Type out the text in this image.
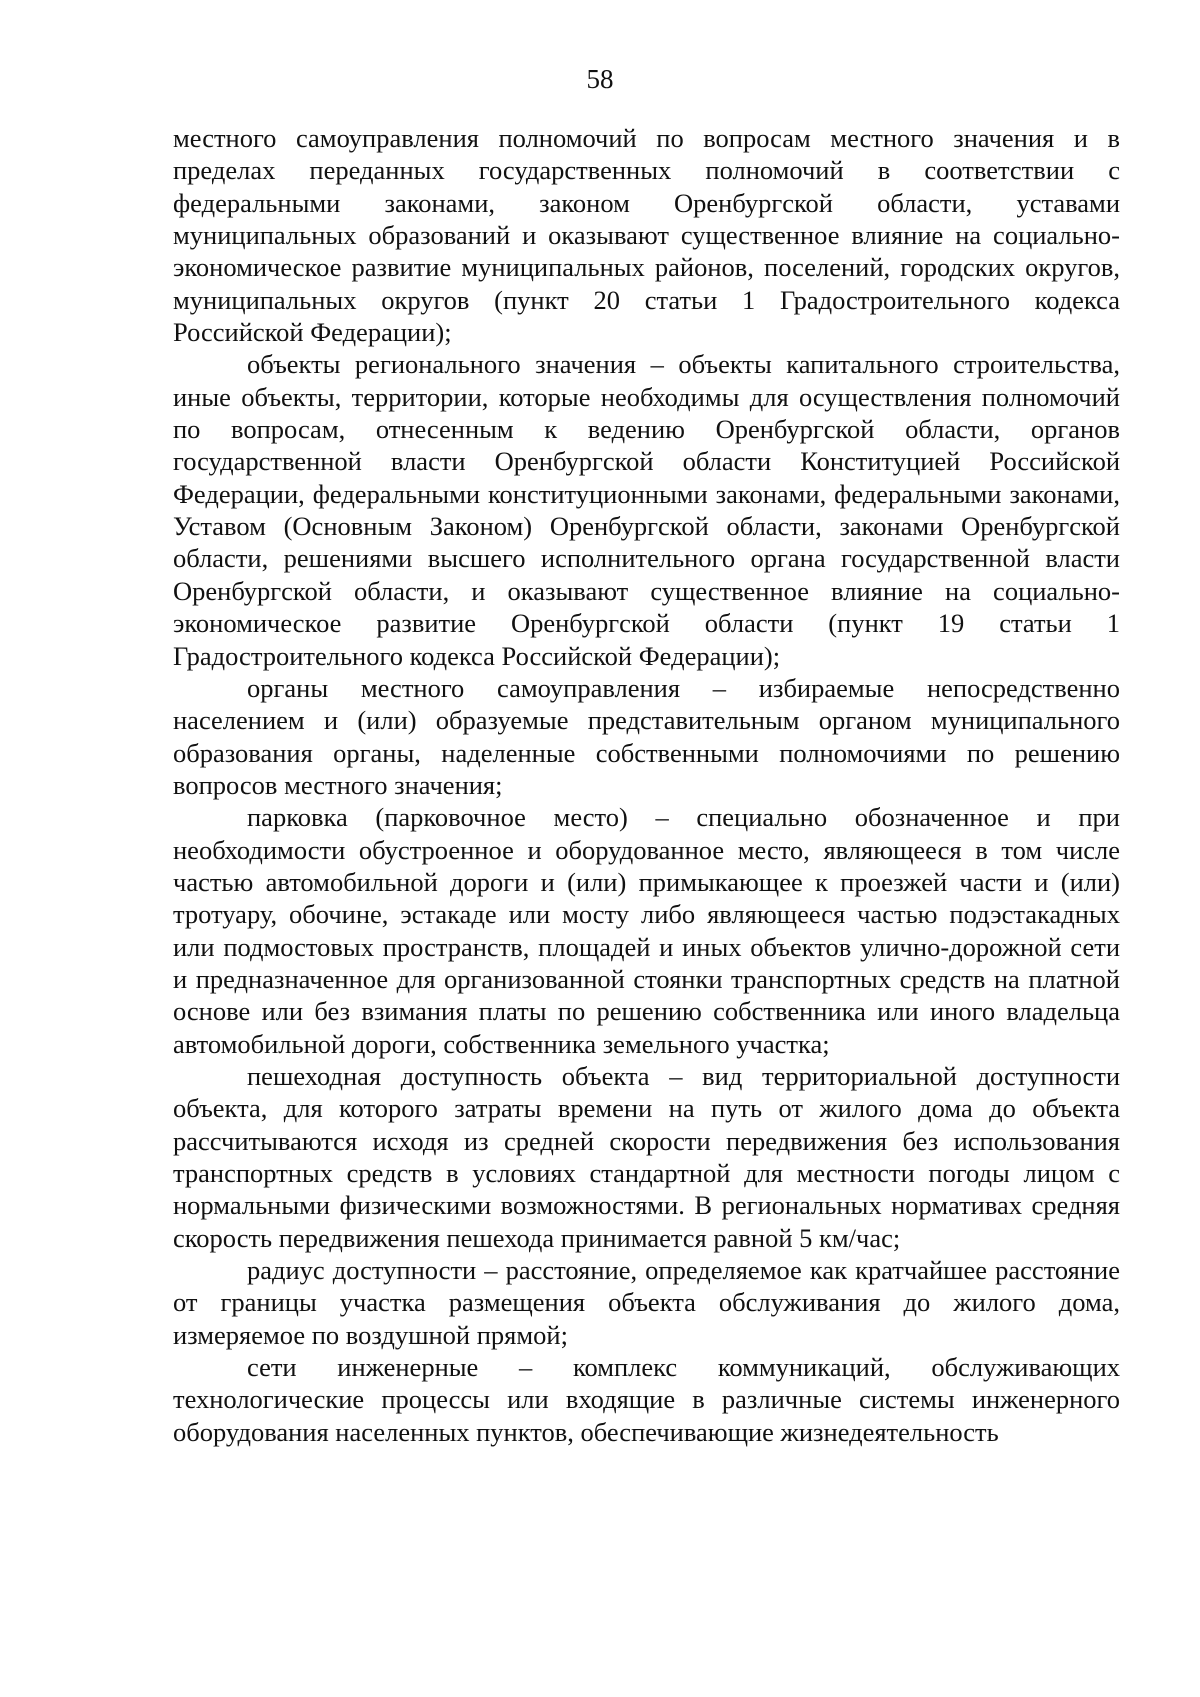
58

местного самоуправления полномочий по вопросам местного значения и в пределах переданных государственных полномочий в соответствии с федеральными законами, законом Оренбургской области, уставами муниципальных образований и оказывают существенное влияние на социально-экономическое развитие муниципальных районов, поселений, городских округов, муниципальных округов (пункт 20 статьи 1 Градостроительного кодекса Российской Федерации);

объекты регионального значения – объекты капитального строительства, иные объекты, территории, которые необходимы для осуществления полномочий по вопросам, отнесенным к ведению Оренбургской области, органов государственной власти Оренбургской области Конституцией Российской Федерации, федеральными конституционными законами, федеральными законами, Уставом (Основным Законом) Оренбургской области, законами Оренбургской области, решениями высшего исполнительного органа государственной власти Оренбургской области, и оказывают существенное влияние на социально-экономическое развитие Оренбургской области (пункт 19 статьи 1 Градостроительного кодекса Российской Федерации);

органы местного самоуправления – избираемые непосредственно населением и (или) образуемые представительным органом муниципального образования органы, наделенные собственными полномочиями по решению вопросов местного значения;

парковка (парковочное место) – специально обозначенное и при необходимости обустроенное и оборудованное место, являющееся в том числе частью автомобильной дороги и (или) примыкающее к проезжей части и (или) тротуару, обочине, эстакаде или мосту либо являющееся частью подэстакадных или подмостовых пространств, площадей и иных объектов улично-дорожной сети и предназначенное для организованной стоянки транспортных средств на платной основе или без взимания платы по решению собственника или иного владельца автомобильной дороги, собственника земельного участка;

пешеходная доступность объекта – вид территориальной доступности объекта, для которого затраты времени на путь от жилого дома до объекта рассчитываются исходя из средней скорости передвижения без использования транспортных средств в условиях стандартной для местности погоды лицом с нормальными физическими возможностями. В региональных нормативах средняя скорость передвижения пешехода принимается равной 5 км/час;

радиус доступности – расстояние, определяемое как кратчайшее расстояние от границы участка размещения объекта обслуживания до жилого дома, измеряемое по воздушной прямой;

сети инженерные – комплекс коммуникаций, обслуживающих технологические процессы или входящие в различные системы инженерного оборудования населенных пунктов, обеспечивающие жизнедеятельность
